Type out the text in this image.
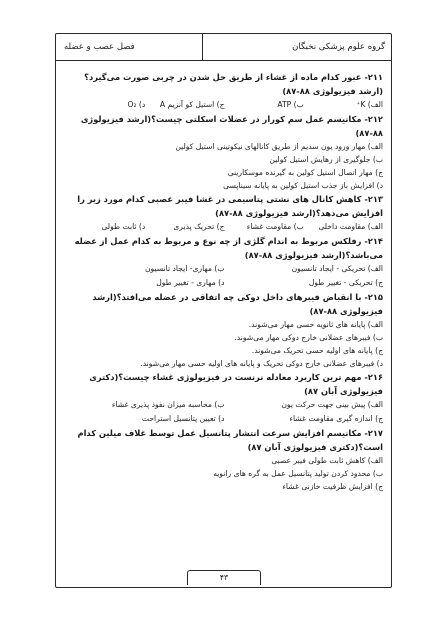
گروه علوم پزشکی نخبگان
فصل عصب و عضله
۲۱۱- عبور کدام ماده از غشاء از طریق حل شدن در چربی صورت می‌گیرد؟(ارشد فیزیولوژی ۸۸-۸۷)
الف) K⁺
ب) ATP
ج) استیل کو آنزیم A
د) O₂
۲۱۲- مکانیسم عمل سم کورار در عضلات اسکلتی چیست؟(ارشد فیزیولوژی ۸۸-۸۷)
الف) مهار ورود یون سدیم از طریق کانالهای نیکوتینی استیل کولین
ب) جلوگیری از رهایش استیل کولین
ج) مهار اتصال استیل کولین به گیرنده موسکارینی
د) افزایش باز جذب استیل کولین به پایانه سیناپسی
۲۱۳- کاهش کانال های نشتی پتاسیمی در غشا فیبر عصبی کدام مورد زیر را افزایش می‌دهد؟(ارشد فیزیولوژی ۸۸-۸۷)
الف) مقاومت داخلی
ب) مقاومت غشاء
ج) تحریک پذیری
د) ثابت طولی
۲۱۴- رفلکس مربوط به اندام گلژی از چه نوع و مربوط به کدام عمل از عضله می‌باشد؟(ارشد فیزیولوژی ۸۸-۸۷)
الف) تحریکی - ایجاد تانسیون
ب) مهاری- ایجاد تانسیون
ج) تحریکی - تغییر طول
د) مهاری - تغییر طول
۲۱۵- با انقباض فیبرهای داخل دوکی چه اتفاقی در عضله می‌افتد؟(ارشد فیزیولوژی ۸۸-۸۷)
الف) پایانه های ثانویه حسی مهار می‌شوند.
ب) فیبرهای عضلانی خارج دوکی مهار می‌شوند.
ج) پایانه های اولیه حسی تحریک می‌شوند.
د) فیبرهای عضلانی خارج دوکی تحریک و پایانه های اولیه حسی مهار می‌شوند.
۲۱۶- مهم ترین کاربرد معادله نرنست در فیزیولوژی غشاء چیست؟(دکتری فیزیولوژی آبان ۸۷)
الف) پیش بینی جهت حرکت یون
ب) محاسبه میزان نفوذ پذیری غشاء
ج) اندازه گیری مقاومت غشاء
د) تعیین پتانسیل استراحت
۲۱۷- مکانیسم افزایش سرعت انتشار پتانسیل عمل توسط غلاف میلین کدام است؟(دکتری فیزیولوژی آبان ۸۷)
الف) کاهش ثابت طولی فیبر عصبی
ب) محدود کردن تولید پتانسیل عمل به گره های رانویه
ج) افزایش ظرفیت خازنی غشاء
۴۳
